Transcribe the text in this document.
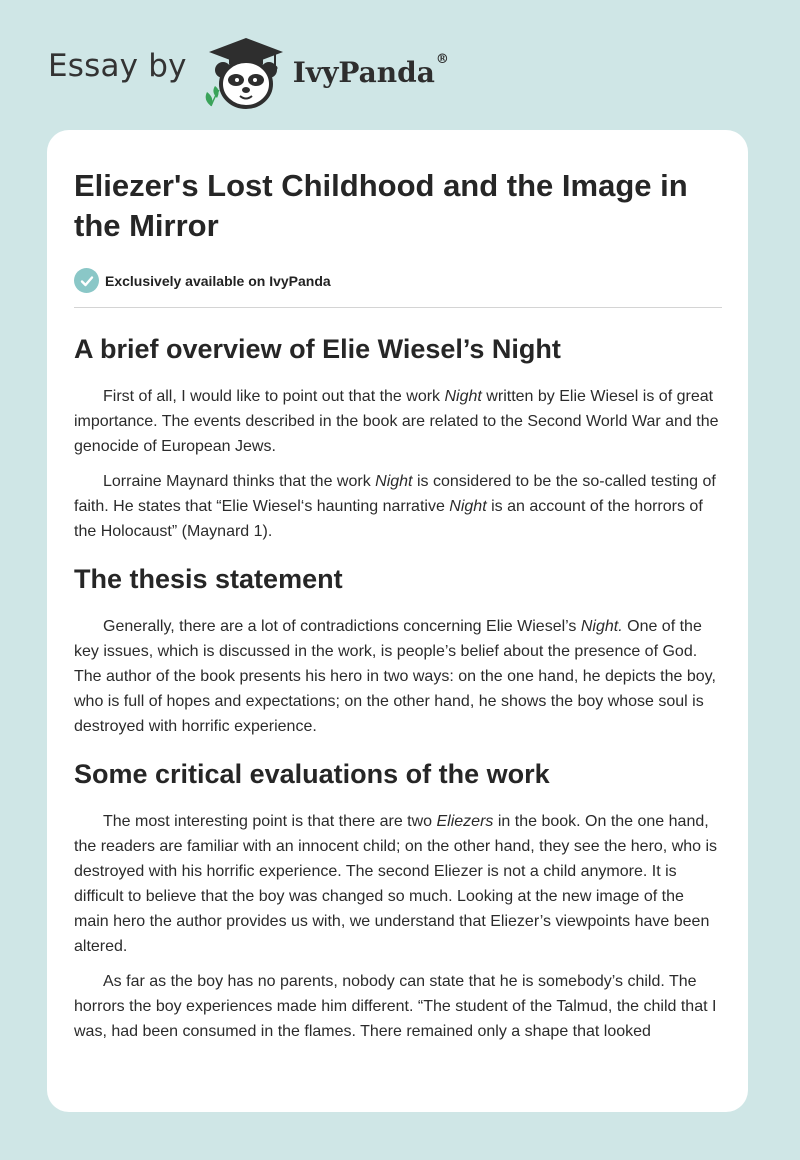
Essay by	IvyPanda®
Eliezer's Lost Childhood and the Image in the Mirror
Exclusively available on IvyPanda
A brief overview of Elie Wiesel’s Night

First of all, I would like to point out that the work Night written by Elie Wiesel is of great importance. The events described in the book are related to the Second World War and the genocide of European Jews.

Lorraine Maynard thinks that the work Night is considered to be the so-called testing of faith. He states that “Elie Wiesel‘s haunting narrative Night is an account of the horrors of the Holocaust” (Maynard 1).

The thesis statement

Generally, there are a lot of contradictions concerning Elie Wiesel’s Night. One of the key issues, which is discussed in the work, is people’s belief about the presence of God. The author of the book presents his hero in two ways: on the one hand, he depicts the boy, who is full of hopes and expectations; on the other hand, he shows the boy whose soul is destroyed with horrific experience.

Some critical evaluations of the work

The most interesting point is that there are two Eliezers in the book. On the one hand, the readers are familiar with an innocent child; on the other hand, they see the hero, who is destroyed with his horrific experience. The second Eliezer is not a child anymore. It is difficult to believe that the boy was changed so much. Looking at the new image of the main hero the author provides us with, we understand that Eliezer’s viewpoints have been altered.

As far as the boy has no parents, nobody can state that he is somebody’s child. The horrors the boy experiences made him different. “The student of the Talmud, the child that I was, had been consumed in the flames. There remained only a shape that looked
